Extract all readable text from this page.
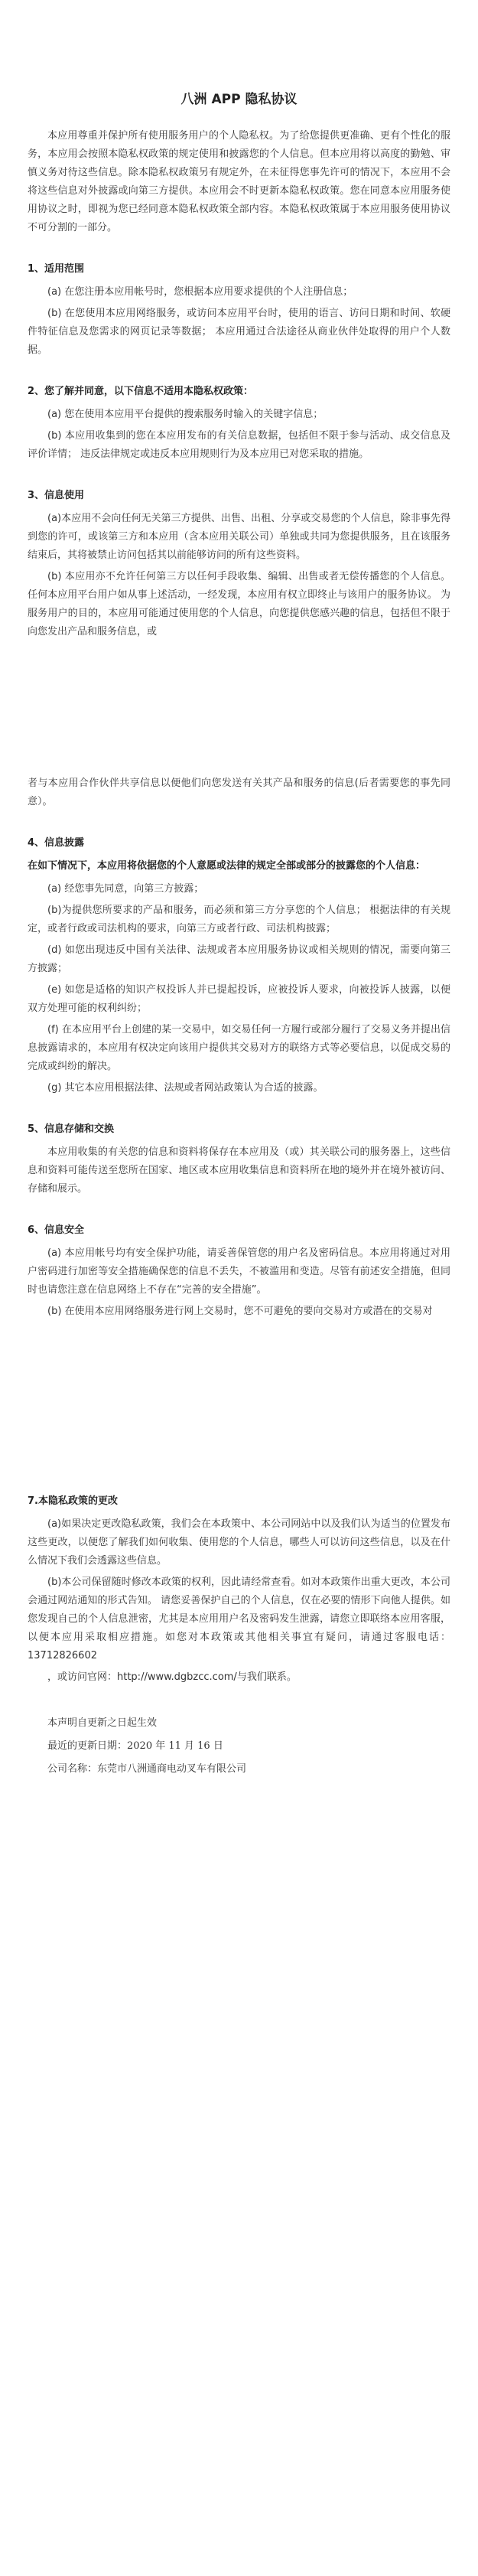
八洲 APP 隐私协议

本应用尊重并保护所有使用服务用户的个人隐私权。为了给您提供更准确、更有个性化的服务，本应用会按照本隐私权政策的规定使用和披露您的个人信息。但本应用将以高度的勤勉、审慎义务对待这些信息。除本隐私权政策另有规定外，在未征得您事先许可的情况下，本应用不会将这些信息对外披露或向第三方提供。本应用会不时更新本隐私权政策。您在同意本应用服务使用协议之时，即视为您已经同意本隐私权政策全部内容。本隐私权政策属于本应用服务使用协议不可分割的一部分。

1、适用范围

(a) 在您注册本应用帐号时，您根据本应用要求提供的个人注册信息；

(b) 在您使用本应用网络服务，或访问本应用平台时，使用的语言、访问日期和时间、软硬件特征信息及您需求的网页记录等数据； 本应用通过合法途径从商业伙伴处取得的用户个人数据。

2、您了解并同意，以下信息不适用本隐私权政策：

(a) 您在使用本应用平台提供的搜索服务时输入的关键字信息；

(b) 本应用收集到的您在本应用发布的有关信息数据，包括但不限于参与活动、成交信息及评价详情； 违反法律规定或违反本应用规则行为及本应用已对您采取的措施。

3、信息使用

(a)本应用不会向任何无关第三方提供、出售、出租、分享或交易您的个人信息，除非事先得到您的许可，或该第三方和本应用（含本应用关联公司）单独或共同为您提供服务，且在该服务结束后，其将被禁止访问包括其以前能够访问的所有这些资料。

(b) 本应用亦不允许任何第三方以任何手段收集、编辑、出售或者无偿传播您的个人信息。任何本应用平台用户如从事上述活动，一经发现，本应用有权立即终止与该用户的服务协议。 为服务用户的目的，本应用可能通过使用您的个人信息，向您提供您感兴趣的信息，包括但不限于向您发出产品和服务信息，或

者与本应用合作伙伴共享信息以便他们向您发送有关其产品和服务的信息(后者需要您的事先同意）。

4、信息披露

在如下情况下，本应用将依据您的个人意愿或法律的规定全部或部分的披露您的个人信息：

(a) 经您事先同意，向第三方披露；

(b)为提供您所要求的产品和服务，而必须和第三方分享您的个人信息； 根据法律的有关规定，或者行政或司法机构的要求，向第三方或者行政、司法机构披露；

(d) 如您出现违反中国有关法律、法规或者本应用服务协议或相关规则的情况，需要向第三方披露；

(e) 如您是适格的知识产权投诉人并已提起投诉，应被投诉人要求，向被投诉人披露，以便双方处理可能的权利纠纷；

(f) 在本应用平台上创建的某一交易中，如交易任何一方履行或部分履行了交易义务并提出信息披露请求的，本应用有权决定向该用户提供其交易对方的联络方式等必要信息，以促成交易的完成或纠纷的解决。

(g) 其它本应用根据法律、法规或者网站政策认为合适的披露。

5、信息存储和交换

本应用收集的有关您的信息和资料将保存在本应用及（或）其关联公司的服务器上，这些信息和资料可能传送至您所在国家、地区或本应用收集信息和资料所在地的境外并在境外被访问、存储和展示。

6、信息安全

(a) 本应用帐号均有安全保护功能，请妥善保管您的用户名及密码信息。本应用将通过对用户密码进行加密等安全措施确保您的信息不丢失，不被滥用和变造。尽管有前述安全措施，但同时也请您注意在信息网络上不存在“完善的安全措施”。

(b) 在使用本应用网络服务进行网上交易时，您不可避免的要向交易对方或潜在的交易对

7.本隐私政策的更改

(a)如果决定更改隐私政策，我们会在本政策中、本公司网站中以及我们认为适当的位置发布这些更改，以便您了解我们如何收集、使用您的个人信息，哪些人可以访问这些信息，以及在什么情况下我们会透露这些信息。

(b)本公司保留随时修改本政策的权利，因此请经常查看。如对本政策作出重大更改，本公司会通过网站通知的形式告知。 请您妥善保护自己的个人信息，仅在必要的情形下向他人提供。如您发现自己的个人信息泄密，尤其是本应用用户名及密码发生泄露，请您立即联络本应用客服，以便本应用采取相应措施。如您对本政策或其他相关事宜有疑问，请通过客服电话：13712826602

，或访问官网：http://www.dgbzcc.com/与我们联系。

本声明自更新之日起生效

最近的更新日期：2020 年 11 月 16 日

公司名称：东莞市八洲通商电动叉车有限公司
